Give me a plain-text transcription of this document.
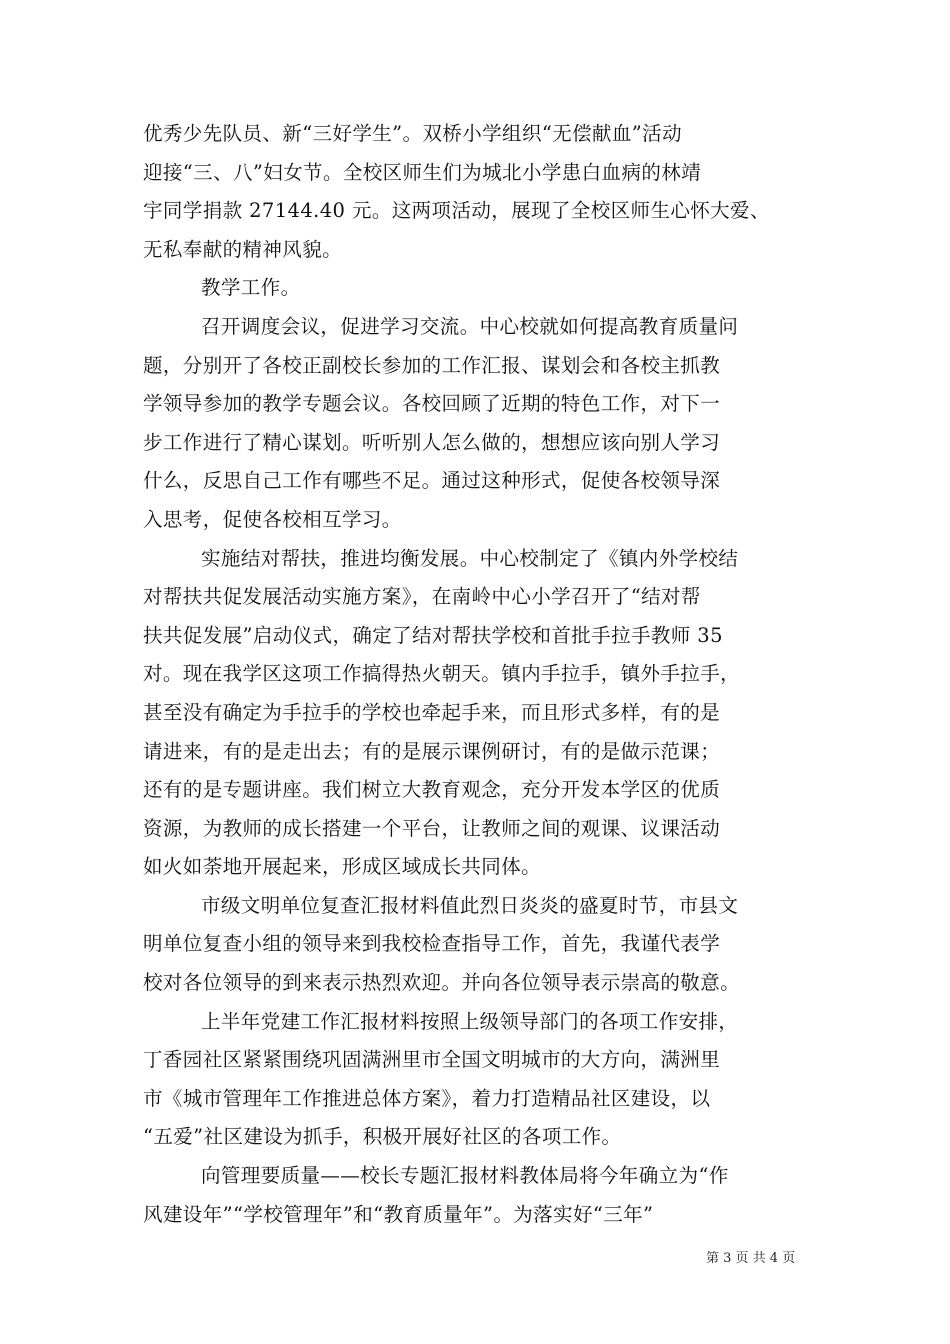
优秀少先队员、新“三好学生”。双桥小学组织“无偿献血”活动
迎接“三、八”妇女节。全校区师生们为城北小学患白血病的林靖
宇同学捐款 27144.40 元。这两项活动，展现了全校区师生心怀大爱、
无私奉献的精神风貌。
教学工作。
召开调度会议，促进学习交流。中心校就如何提高教育质量问
题，分别开了各校正副校长参加的工作汇报、谋划会和各校主抓教
学领导参加的教学专题会议。各校回顾了近期的特色工作，对下一
步工作进行了精心谋划。听听别人怎么做的，想想应该向别人学习
什么，反思自己工作有哪些不足。通过这种形式，促使各校领导深
入思考，促使各校相互学习。
实施结对帮扶，推进均衡发展。中心校制定了《镇内外学校结
对帮扶共促发展活动实施方案》，在南岭中心小学召开了“结对帮
扶共促发展”启动仪式，确定了结对帮扶学校和首批手拉手教师 35
对。现在我学区这项工作搞得热火朝天。镇内手拉手，镇外手拉手，
甚至没有确定为手拉手的学校也牵起手来，而且形式多样，有的是
请进来，有的是走出去；有的是展示课例研讨，有的是做示范课；
还有的是专题讲座。我们树立大教育观念，充分开发本学区的优质
资源，为教师的成长搭建一个平台，让教师之间的观课、议课活动
如火如荼地开展起来，形成区域成长共同体。
市级文明单位复查汇报材料值此烈日炎炎的盛夏时节，市县文
明单位复查小组的领导来到我校检查指导工作，首先，我谨代表学
校对各位领导的到来表示热烈欢迎。并向各位领导表示崇高的敬意。
上半年党建工作汇报材料按照上级领导部门的各项工作安排，
丁香园社区紧紧围绕巩固满洲里市全国文明城市的大方向，满洲里
市《城市管理年工作推进总体方案》，着力打造精品社区建设，以
“五爱”社区建设为抓手，积极开展好社区的各项工作。
向管理要质量——校长专题汇报材料教体局将今年确立为“作
风建设年”“学校管理年”和“教育质量年”。为落实好“三年”
第 3 页 共 4 页
